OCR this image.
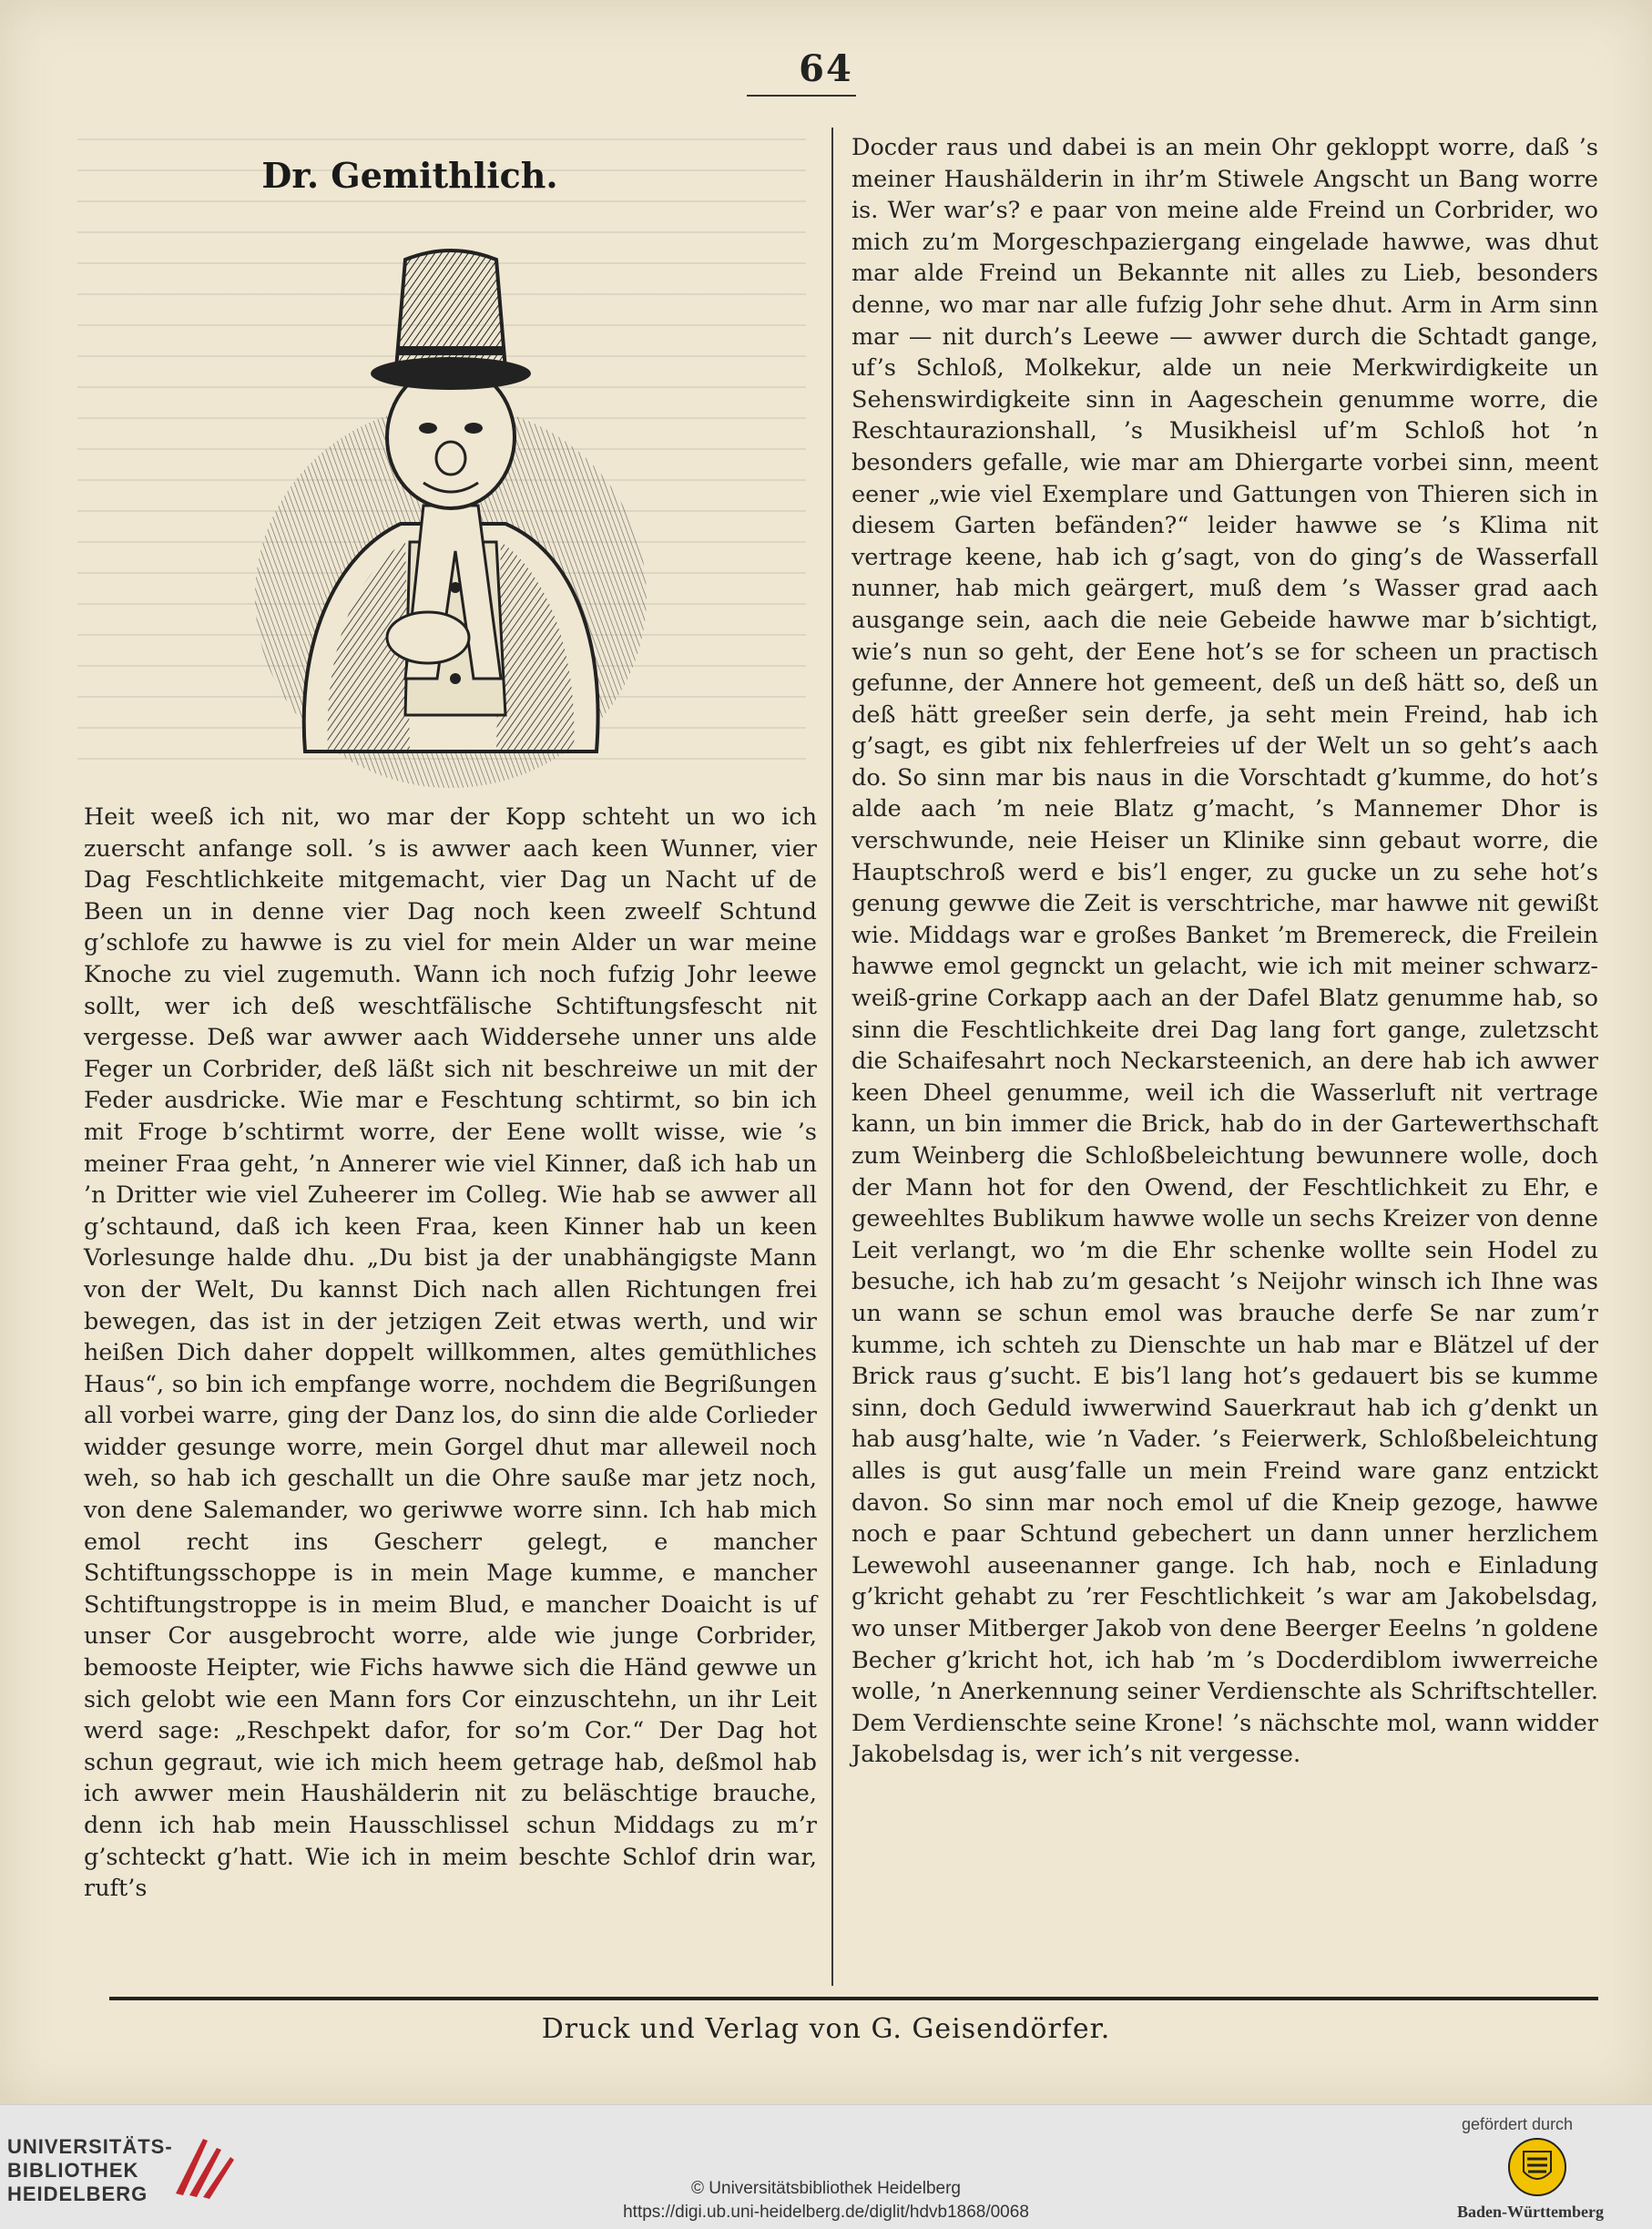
64
Dr. Gemithlich.
Heit weeß ich nit, wo mar der Kopp schteht un wo ich zuerscht anfange soll. ’s is awwer aach keen Wunner, vier Dag Feschtlichkeite mitgemacht, vier Dag un Nacht uf de Been un in denne vier Dag noch keen zweelf Schtund g’schlofe zu hawwe is zu viel for mein Alder un war meine Knoche zu viel zugemuth. Wann ich noch fufzig Johr leewe sollt, wer ich deß weschtfälische Schtiftungsfescht nit vergesse. Deß war awwer aach Widdersehe unner uns alde Feger un Corbrider, deß läßt sich nit beschreiwe un mit der Feder ausdricke. Wie mar e Feschtung schtirmt, so bin ich mit Froge b’schtirmt worre, der Eene wollt wisse, wie ’s meiner Fraa geht, ’n Annerer wie viel Kinner, daß ich hab un ’n Dritter wie viel Zuheerer im Colleg. Wie hab se awwer all g’schtaund, daß ich keen Fraa, keen Kinner hab un keen Vorlesunge halde dhu. „Du bist ja der unabhängigste Mann von der Welt, Du kannst Dich nach allen Richtungen frei bewegen, das ist in der jetzigen Zeit etwas werth, und wir heißen Dich daher doppelt willkommen, altes gemüthliches Haus“, so bin ich empfange worre, nochdem die Begrißungen all vorbei warre, ging der Danz los, do sinn die alde Corlieder widder gesunge worre, mein Gorgel dhut mar alleweil noch weh, so hab ich geschallt un die Ohre sauße mar jetz noch, von dene Salemander, wo geriwwe worre sinn. Ich hab mich emol recht ins Gescherr gelegt, e mancher Schtiftungsschoppe is in mein Mage kumme, e mancher Schtiftungstroppe is in meim Blud, e mancher Doaicht is uf unser Cor ausgebrocht worre, alde wie junge Corbrider, bemooste Heipter, wie Fichs hawwe sich die Händ gewwe un sich gelobt wie een Mann fors Cor einzuschtehn, un ihr Leit werd sage: „Reschpekt dafor, for so’m Cor.“ Der Dag hot schun gegraut, wie ich mich heem getrage hab, deßmol hab ich awwer mein Haushälderin nit zu beläschtige brauche, denn ich hab mein Hausschlissel schun Middags zu m’r g’schteckt g’hatt. Wie ich in meim beschte Schlof drin war, ruft’s
Docder raus und dabei is an mein Ohr gekloppt worre, daß ’s meiner Haushälderin in ihr’m Stiwele Angscht un Bang worre is. Wer war’s? e paar von meine alde Freind un Corbrider, wo mich zu’m Morgeschpaziergang eingelade hawwe, was dhut mar alde Freind un Bekannte nit alles zu Lieb, besonders denne, wo mar nar alle fufzig Johr sehe dhut. Arm in Arm sinn mar — nit durch’s Leewe — awwer durch die Schtadt gange, uf’s Schloß, Molkekur, alde un neie Merkwirdigkeite un Sehenswirdigkeite sinn in Aageschein genumme worre, die Reschtaurazionshall, ’s Musikheisl uf’m Schloß hot ’n besonders gefalle, wie mar am Dhiergarte vorbei sinn, meent eener „wie viel Exemplare und Gattungen von Thieren sich in diesem Garten befänden?“ leider hawwe se ’s Klima nit vertrage keene, hab ich g’sagt, von do ging’s de Wasserfall nunner, hab mich geärgert, muß dem ’s Wasser grad aach ausgange sein, aach die neie Gebeide hawwe mar b’sichtigt, wie’s nun so geht, der Eene hot’s se for scheen un practisch gefunne, der Annere hot gemeent, deß un deß hätt so, deß un deß hätt greeßer sein derfe, ja seht mein Freind, hab ich g’sagt, es gibt nix fehlerfreies uf der Welt un so geht’s aach do. So sinn mar bis naus in die Vorschtadt g’kumme, do hot’s alde aach ’m neie Blatz g’macht, ’s Mannemer Dhor is verschwunde, neie Heiser un Klinike sinn gebaut worre, die Hauptschroß werd e bis’l enger, zu gucke un zu sehe hot’s genung gewwe die Zeit is verschtriche, mar hawwe nit gewißt wie. Middags war e großes Banket ’m Bremereck, die Freilein hawwe emol gegnckt un gelacht, wie ich mit meiner schwarz-weiß-grine Corkapp aach an der Dafel Blatz genumme hab, so sinn die Feschtlichkeite drei Dag lang fort gange, zuletzscht die Schaifesahrt noch Neckarsteenich, an dere hab ich awwer keen Dheel genumme, weil ich die Wasserluft nit vertrage kann, un bin immer die Brick, hab do in der Gartewerthschaft zum Weinberg die Schloßbeleichtung bewunnere wolle, doch der Mann hot for den Owend, der Feschtlichkeit zu Ehr, e geweehltes Bublikum hawwe wolle un sechs Kreizer von denne Leit verlangt, wo ’m die Ehr schenke wollte sein Hodel zu besuche, ich hab zu’m gesacht ’s Neijohr winsch ich Ihne was un wann se schun emol was brauche derfe Se nar zum’r kumme, ich schteh zu Dienschte un hab mar e Blätzel uf der Brick raus g’sucht. E bis’l lang hot’s gedauert bis se kumme sinn, doch Geduld iwwerwind Sauerkraut hab ich g’denkt un hab ausg’halte, wie ’n Vader. ’s Feierwerk, Schloßbeleichtung alles is gut ausg’falle un mein Freind ware ganz entzickt davon. So sinn mar noch emol uf die Kneip gezoge, hawwe noch e paar Schtund gebechert un dann unner herzlichem Lewewohl auseenanner gange. Ich hab, noch e Einladung g’kricht gehabt zu ’rer Feschtlichkeit ’s war am Jakobelsdag, wo unser Mitberger Jakob von dene Beerger Eeelns ’n goldene Becher g’kricht hot, ich hab ’m ’s Docderdiblom iwwerreiche wolle, ’n Anerkennung seiner Verdienschte als Schriftschteller. Dem Verdienschte seine Krone! ’s nächschte mol, wann widder Jakobelsdag is, wer ich’s nit vergesse.
Druck und Verlag von G. Geisendörfer.
UNIVERSITÄTS-
BIBLIOTHEK
HEIDELBERG
gefördert durch
Baden-Württemberg
© Universitätsbibliothek Heidelberg
https://digi.ub.uni-heidelberg.de/diglit/hdvb1868/0068
